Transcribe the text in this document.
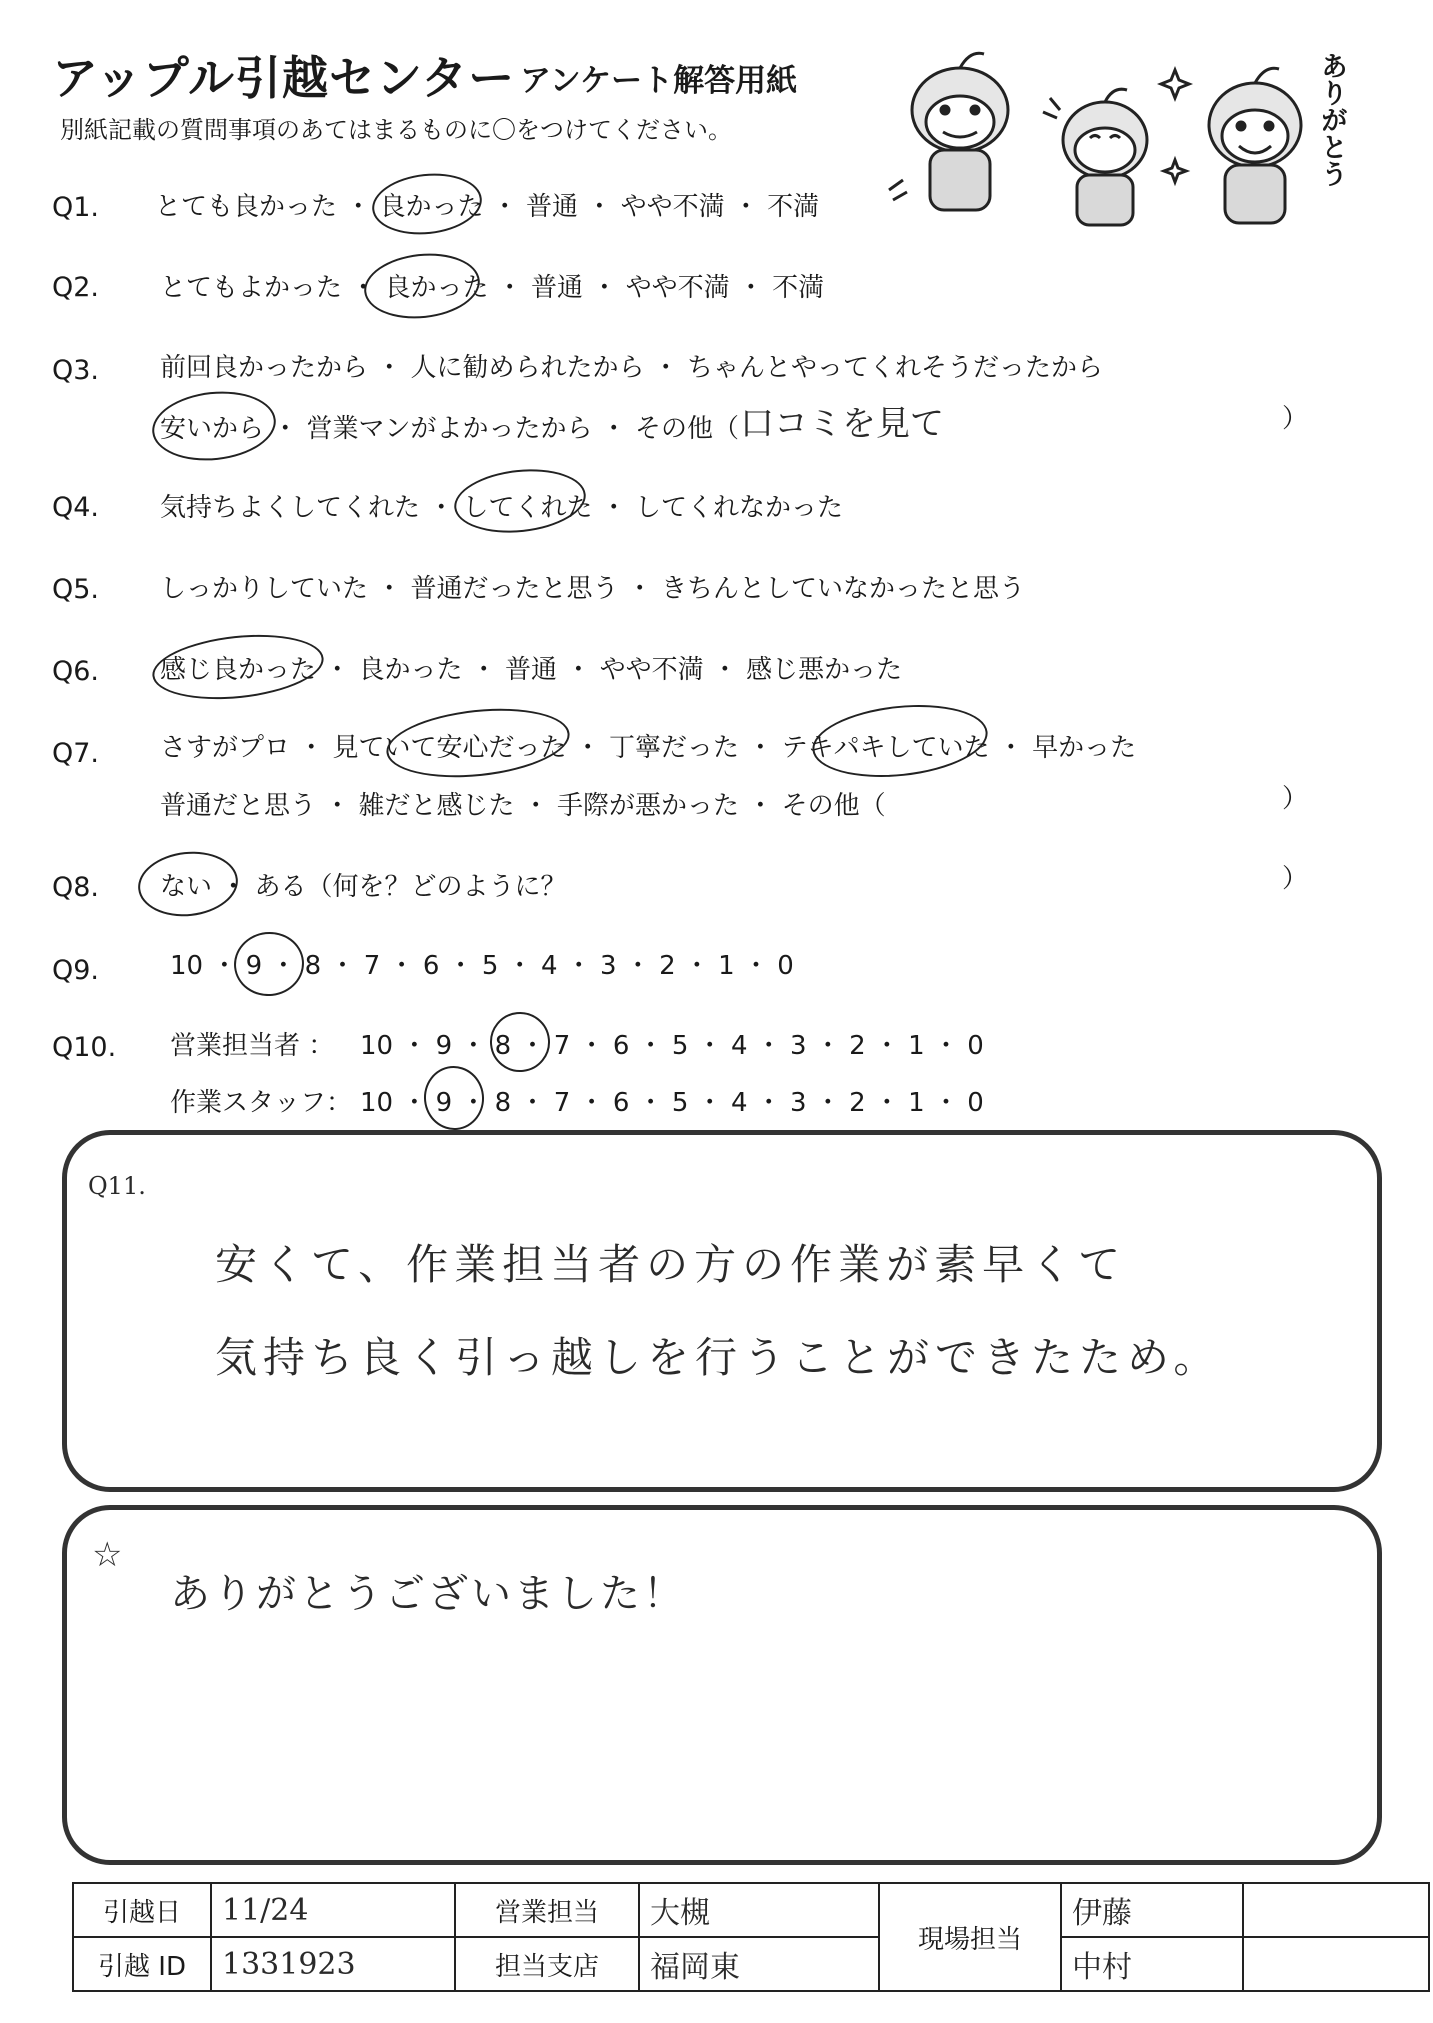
アップル引越センター アンケート解答用紙
別紙記載の質問事項のあてはまるものに〇をつけてください。	ありがとう
Q1. とても良かった ・ 良かった ・ 普通 ・ やや不満 ・ 不満
Q2. とてもよかった ・ 良かった ・ 普通 ・ やや不満 ・ 不満
Q3. 前回良かったから ・ 人に勧められたから ・ ちゃんとやってくれそうだったから
安いから ・ 営業マンがよかったから ・ その他（ 口コミを見て	）
Q4. 気持ちよくしてくれた ・ してくれた ・ してくれなかった
Q5. しっかりしていた ・ 普通だったと思う ・ きちんとしていなかったと思う
Q6. 感じ良かった ・ 良かった ・ 普通 ・ やや不満 ・ 感じ悪かった
Q7. さすがプロ ・ 見ていて安心だった ・ 丁寧だった ・ テキパキしていた ・ 早かった
普通だと思う ・ 雑だと感じた ・ 手際が悪かった ・ その他（	）
Q8. ない ・ ある（何を？どのように？	）
Q9.	10 ・ 9 ・ 8 ・ 7 ・ 6 ・ 5 ・ 4 ・ 3 ・ 2 ・ 1 ・ 0
Q10. 営業担当者 ： 10 ・ 9 ・ 8 ・ 7 ・ 6 ・ 5 ・ 4 ・ 3 ・ 2 ・ 1 ・ 0
作業スタッフ： 10 ・ 9 ・ 8 ・ 7 ・ 6 ・ 5 ・ 4 ・ 3 ・ 2 ・ 1 ・ 0
Q11.
安くて、作業担当者の方の作業が素早くて
気持ち良く引っ越しを行うことができたため。
☆
ありがとうございました！
引越日	11/24	営業担当	大槻	現場担当	伊藤	
引越 ID	1331923	担当支店	福岡東		中村	
